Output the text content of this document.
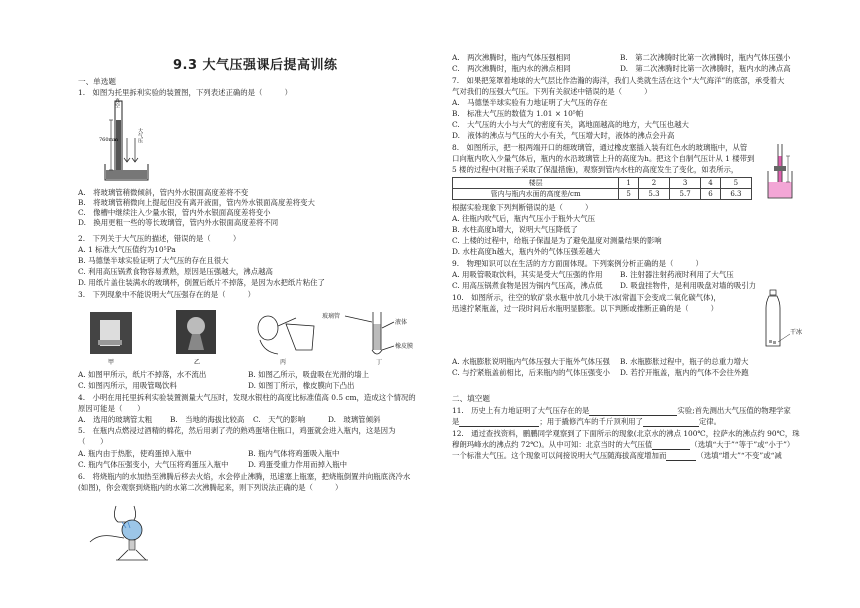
9.3 大气压强课后提高训练
一、单选题
1.　如图为托里拆利实验的装置图，下列表述正确的是（　　　）
真空
760mm	大气压
A.　将玻璃管稍微倾斜，管内外水银面高度差将不变
B.　将玻璃管稍微向上提起但没有离开液面，管内外水银面高度差将变大
C.　像槽中继续注入少量水银，管内外水银面高度差将变小
D.　换用更粗一些的等长玻璃管，管内外水银面高度差将不同
2.　下列关于大气压的描述，错误的是（　　　）
A. 1 标准大气压值约为10⁵Pa
B. 马德堡半球实验证明了大气压的存在且很大
C. 利用高压锅煮食物容易煮熟，原因是压强越大，沸点越高
D. 用纸片盖住装满水的玻璃杯，倒置后纸片不掉落，是因为水把纸片粘住了
3.　下列现象中不能说明大气压强存在的是（　　　）
甲	乙	丙
玻璃管
液体
橡皮膜
丁
A. 如图甲所示，纸片不掉落，水不流出	B. 如图乙所示，吸盘吸在光滑的墙上
C. 如图丙所示，用吸管喝饮料	D. 如图丁所示，橡皮膜向下凸出
4.　小明在用托里拆利实验装置测量大气压时，发现水银柱的高度比标准值高 0.5 cm，造成这个情况的
原因可能是（　　）
A.　选用的玻璃管太粗 B.　当地的海拔比较高 C.　天气的影响	D.　玻璃管倾斜
5.　在瓶内点燃浸过酒精的棉花，然后用剥了壳的熟鸡蛋堵住瓶口，鸡蛋就会进入瓶内，这是因为
（　　）
A. 瓶内由于热胀，使鸡蛋掉入瓶中	B. 瓶内气体将鸡蛋吸入瓶中
C. 瓶内气体压强变小，大气压将鸡蛋压入瓶中	D. 鸡蛋受重力作用而掉入瓶中
6.　将烧瓶内的水加热至沸腾后移去火焰，水会停止沸腾，迅速塞上瓶塞，把烧瓶倒置并向瓶底浇冷水
(如图)，你会观察到烧瓶内的水第二次沸腾起来，则下列说法正确的是（　　　）
A.　两次沸腾时，瓶内气体压强相同	B.　第二次沸腾时比第一次沸腾时，瓶内气体压强小
C.　两次沸腾时，瓶内水的沸点相同	D.　第二次沸腾时比第一次沸腾时，瓶内水的沸点高
7.　如果把笼罩着地球的大气层比作浩瀚的海洋，我们人类就生活在这个“大气海洋”的底部，承受着大
气对我们的压强大气压。下列有关叙述中错误的是（　　　）
A.　马德堡半球实验有力地证明了大气压的存在
B.　标准大气压的数值为 1.01 × 10⁵帕
C.　大气压的大小与大气的密度有关，离地面越高的地方，大气压也越大
D.　液体的沸点与气压的大小有关，气压增大时，液体的沸点会升高
8.　如图所示，把一根两端开口的细玻璃管，通过橡皮塞插入装有红色水的玻璃瓶中，从管
口向瓶内吹入少量气体后，瓶内的水沿玻璃管上升的高度为h。把这个自制气压计从 1 楼带到
5 楼的过程中(对瓶子采取了保温措施)，观察到管内水柱的高度发生了变化，如表所示，
楼层	1	2	3	4	5
管内与瓶内水面的高度差/cm	5	5.3	5.7	6	6.3
根据实验现象下列判断错误的是（　　　）
A. 往瓶内吹气后，瓶内气压小于瓶外大气压
B. 水柱高度h增大，说明大气压降低了
C. 上楼的过程中，给瓶子保温是为了避免温度对测量结果的影响
D. 水柱高度h越大，瓶内外的气体压强差越大
9.　物理知识可以在生活的方方面面体现。下列案例分析正确的是（　　　）
A. 用吸管吸取饮料，其实是受大气压强的作用 B. 注射器注射药液时利用了大气压
C. 用高压锅煮食物是因为锅内气压高，沸点低 D. 吸盘挂物件，是利用吸盘对墙的吸引力
10.　如图所示，往空的软矿泉水瓶中放几小块干冰(常温下会变成二氧化碳气体)，
迅速拧紧瓶盖，过一段时间后水瓶明显膨胀。以下判断或推断正确的是（　　　）
干冰
A. 水瓶膨胀说明瓶内气体压强大于瓶外气体压强 B. 水瓶膨胀过程中，瓶子的总重力增大
C. 与拧紧瓶盖前相比，后来瓶内的气体压强变小 D. 若拧开瓶盖，瓶内的气体不会往外跑
二、填空题
11.　历史上有力地证明了大气压存在的是	实验;首先测出大气压值的物理学家
是	；用于撬修汽车的千斤顶利用了	定律。
12.　通过查找资料，鹏鹏同学观察到了下面所示的现象(北京水的沸点 100℃，拉萨水的沸点约 90℃，珠
穆朗玛峰水的沸点约 72℃)。从中可知：北京当时的大气压值	（选填“大于”“等于”或“小于”）
一个标准大气压。这个现象可以间接说明大气压随海拔高度增加而	（选填“增大”“不变”或“减
